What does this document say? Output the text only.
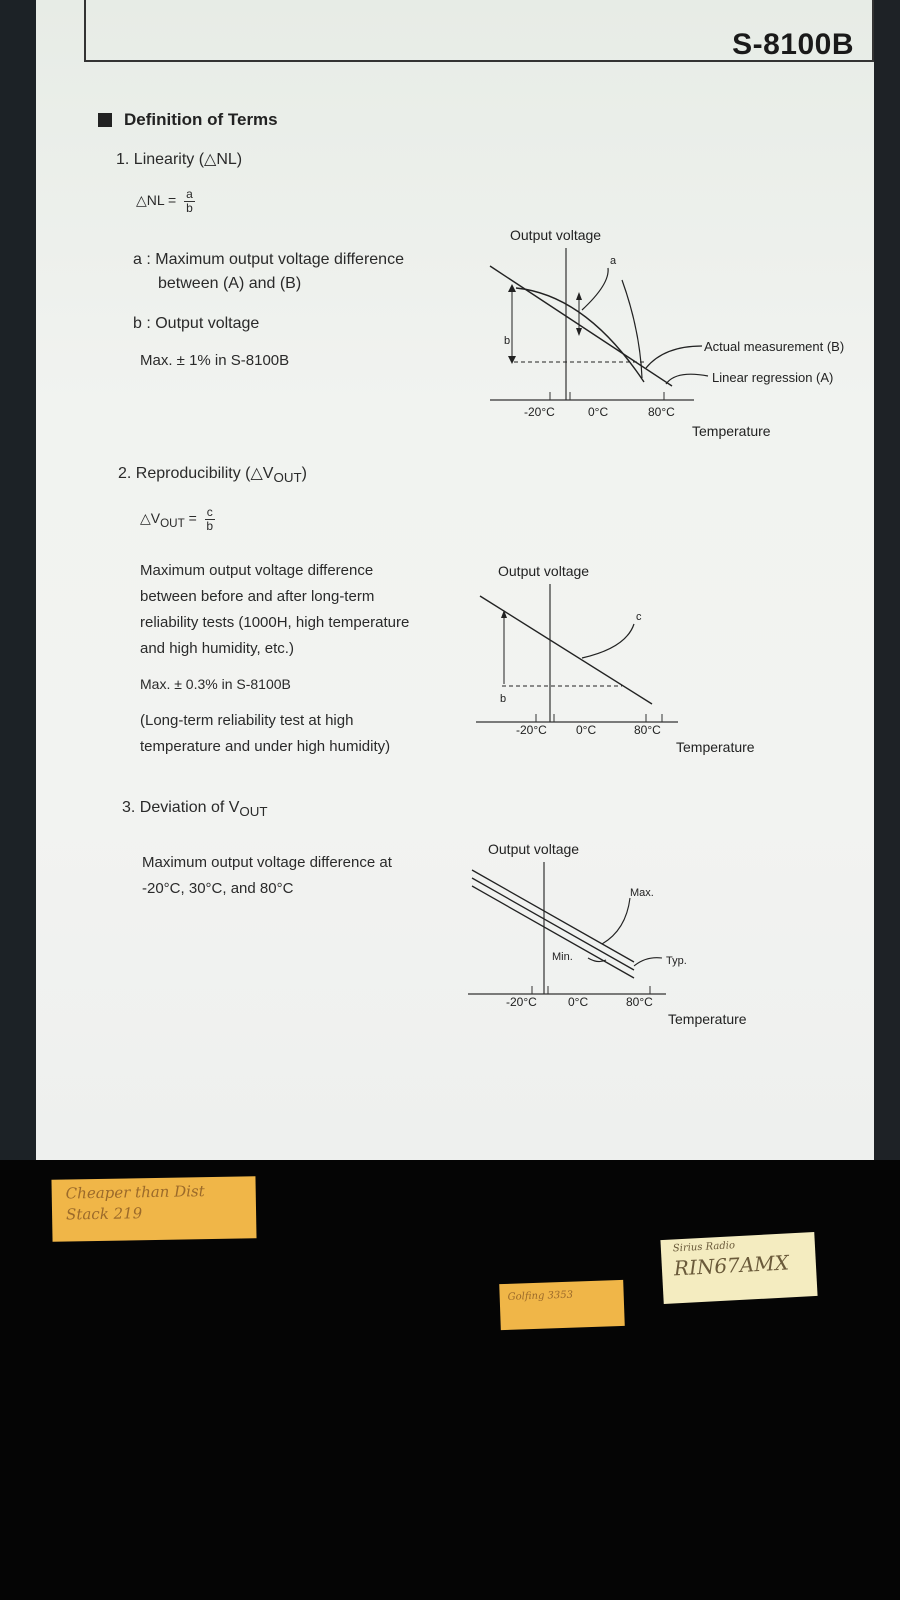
S-8100B
Definition of Terms
1. Linearity (△NL)
△NL = $\frac{a}{b}$
a : Maximum output voltage difference
between (A) and (B)
b : Output voltage
Max. ± 1% in S-8100B
Output voltage
b
a
Actual measurement (B)
Linear regression (A)
-20°C	0°C	80°C
Temperature
2. Reproducibility $(\triangle V_{OUT})$
$\triangle V_{OUT} = \frac{c}{b}$
Maximum output voltage difference
between before and after long-term
reliability tests (1000H, high temperature
and high humidity, etc.)
Max. ± 0.3% in S-8100B
(Long-term reliability test at high
temperature and under high humidity)
Output voltage
b
c
-20°C 0°C	80°C
Temperature
3. Deviation of $V_{OUT}$
Maximum output voltage difference at
-20°C, 30°C, and 80°C
Output voltage
Max.
Min.	Typ.
-20°C	0°C	80°C
Temperature
Cheaper than Dist
Stack 219
Golfing 3353
Sirius Radio
RIN67AMX
